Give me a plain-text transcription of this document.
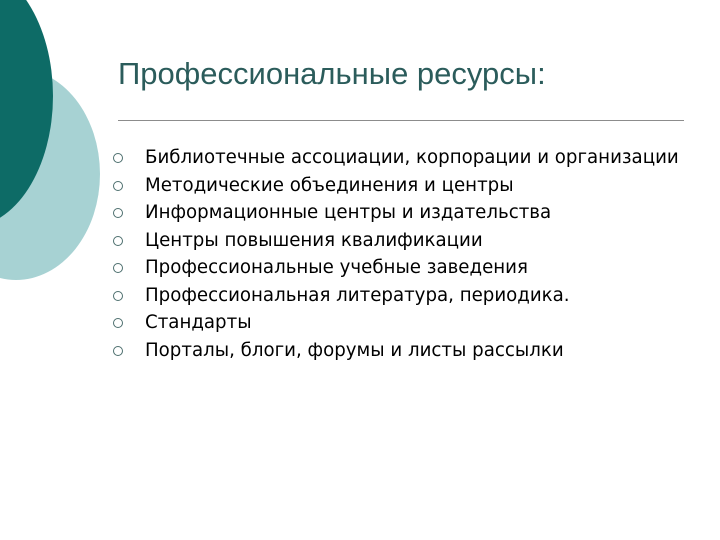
Профессиональные ресурсы:
Библиотечные ассоциации, корпорации и организации
Методические объединения и центры
Информационные центры и издательства
Центры повышения квалификации
Профессиональные учебные заведения
Профессиональная литература, периодика.
Стандарты
Порталы, блоги, форумы и листы рассылки
